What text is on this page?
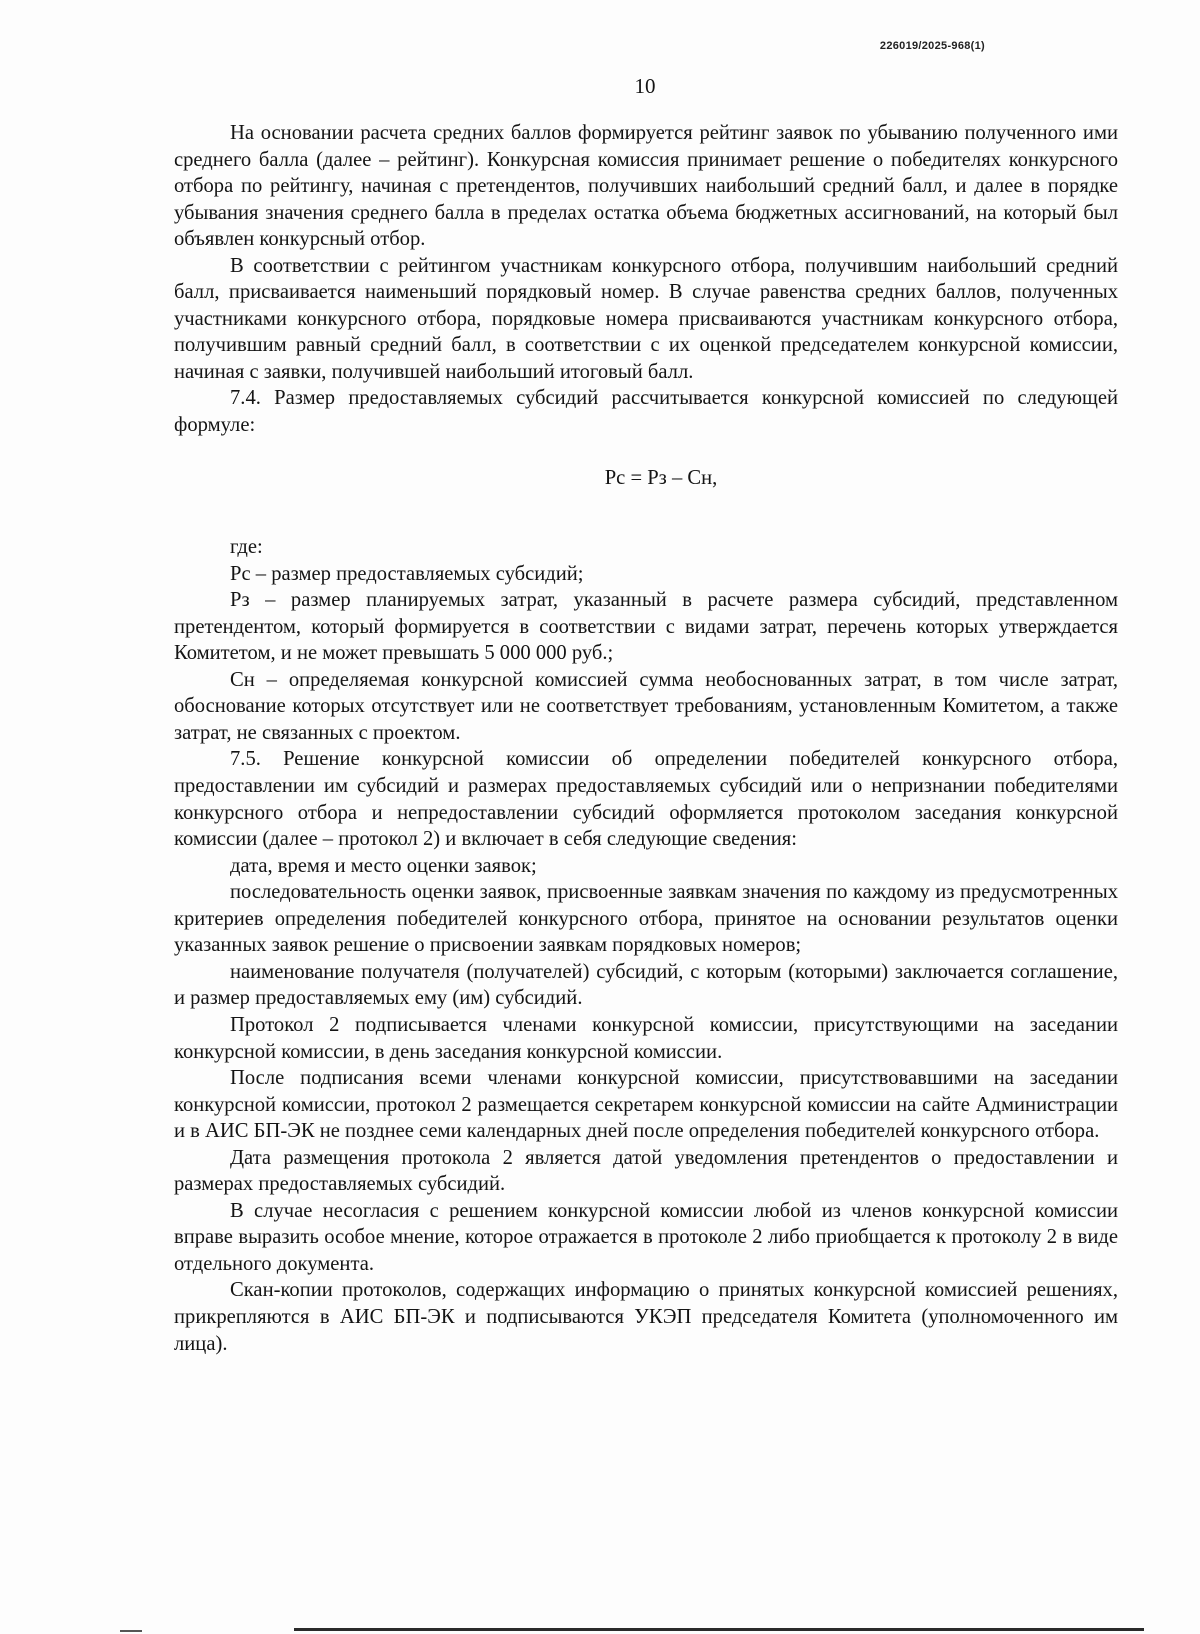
226019/2025-968(1)
10

На основании расчета средних баллов формируется рейтинг заявок по убыванию полученного ими среднего балла (далее – рейтинг). Конкурсная комиссия принимает решение о победителях конкурсного отбора по рейтингу, начиная с претендентов, получивших наибольший средний балл, и далее в порядке убывания значения среднего балла в пределах остатка объема бюджетных ассигнований, на который был объявлен конкурсный отбор.

В соответствии с рейтингом участникам конкурсного отбора, получившим наибольший средний балл, присваивается наименьший порядковый номер. В случае равенства средних баллов, полученных участниками конкурсного отбора, порядковые номера присваиваются участникам конкурсного отбора, получившим равный средний балл, в соответствии с их оценкой председателем конкурсной комиссии, начиная с заявки, получившей наибольший итоговый балл.

7.4. Размер предоставляемых субсидий рассчитывается конкурсной комиссией по следующей формуле:

Рс = Рз – Сн,

где:

Рс – размер предоставляемых субсидий;

Рз – размер планируемых затрат, указанный в расчете размера субсидий, представленном претендентом, который формируется в соответствии с видами затрат, перечень которых утверждается Комитетом, и не может превышать 5 000 000 руб.;

Сн – определяемая конкурсной комиссией сумма необоснованных затрат, в том числе затрат, обоснование которых отсутствует или не соответствует требованиям, установленным Комитетом, а также затрат, не связанных с проектом.

7.5. Решение конкурсной комиссии об определении победителей конкурсного отбора, предоставлении им субсидий и размерах предоставляемых субсидий или о непризнании победителями конкурсного отбора и непредоставлении субсидий оформляется протоколом заседания конкурсной комиссии (далее – протокол 2) и включает в себя следующие сведения:

дата, время и место оценки заявок;

последовательность оценки заявок, присвоенные заявкам значения по каждому из предусмотренных критериев определения победителей конкурсного отбора, принятое на основании результатов оценки указанных заявок решение о присвоении заявкам порядковых номеров;

наименование получателя (получателей) субсидий, с которым (которыми) заключается соглашение, и размер предоставляемых ему (им) субсидий.

Протокол 2 подписывается членами конкурсной комиссии, присутствующими на заседании конкурсной комиссии, в день заседания конкурсной комиссии.

После подписания всеми членами конкурсной комиссии, присутствовавшими на заседании конкурсной комиссии, протокол 2 размещается секретарем конкурсной комиссии на сайте Администрации и в АИС БП-ЭК не позднее семи календарных дней после определения победителей конкурсного отбора.

Дата размещения протокола 2 является датой уведомления претендентов о предоставлении и размерах предоставляемых субсидий.

В случае несогласия с решением конкурсной комиссии любой из членов конкурсной комиссии вправе выразить особое мнение, которое отражается в протоколе 2 либо приобщается к протоколу 2 в виде отдельного документа.

Скан-копии протоколов, содержащих информацию о принятых конкурсной комиссией решениях, прикрепляются в АИС БП-ЭК и подписываются УКЭП председателя Комитета (уполномоченного им лица).
